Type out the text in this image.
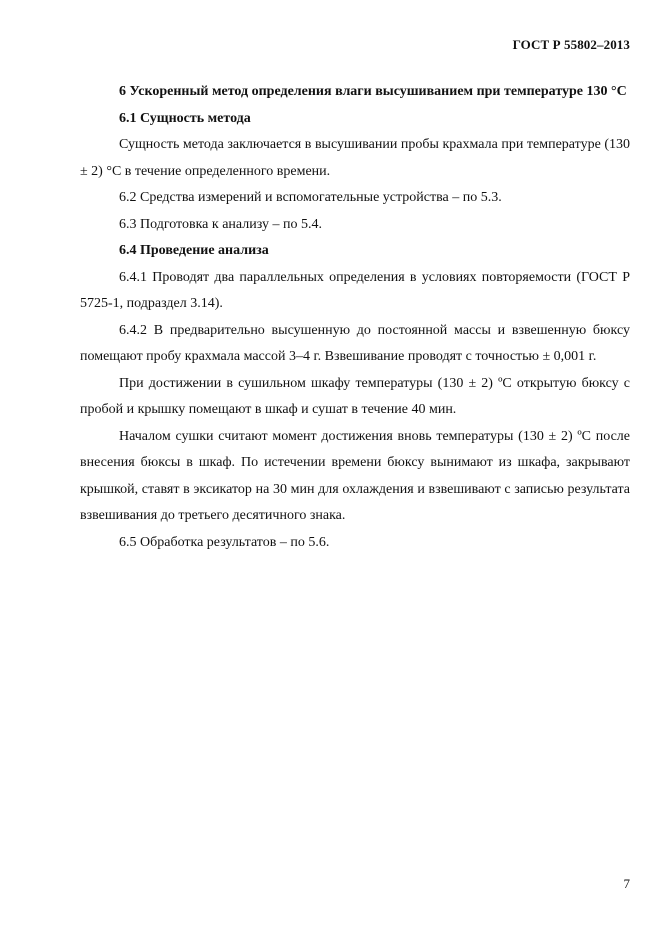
ГОСТ Р 55802–2013

6 Ускоренный метод определения влаги высушиванием при температуре 130 °С

6.1 Сущность метода

Сущность метода заключается в высушивании пробы крахмала при температуре (130 ± 2) °С в течение определенного времени.

6.2 Средства измерений и вспомогательные устройства – по 5.3.

6.3 Подготовка к анализу – по 5.4.

6.4 Проведение анализа

6.4.1 Проводят два параллельных определения в условиях повторяемости (ГОСТ Р 5725-1, подраздел 3.14).

6.4.2 В предварительно высушенную до постоянной массы и взвешенную бюксу помещают пробу крахмала массой 3–4 г. Взвешивание проводят с точностью ± 0,001 г.

При достижении в сушильном шкафу температуры (130 ± 2) ºС открытую бюксу с пробой и крышку помещают в шкаф и сушат в течение 40 мин.

Началом сушки считают момент достижения вновь температуры (130 ± 2) ºС после внесения бюксы в шкаф. По истечении времени бюксу вынимают из шкафа, закрывают крышкой, ставят в эксикатор на 30 мин для охлаждения и взвешивают с записью результата взвешивания до третьего десятичного знака.

6.5 Обработка результатов – по 5.6.

7
